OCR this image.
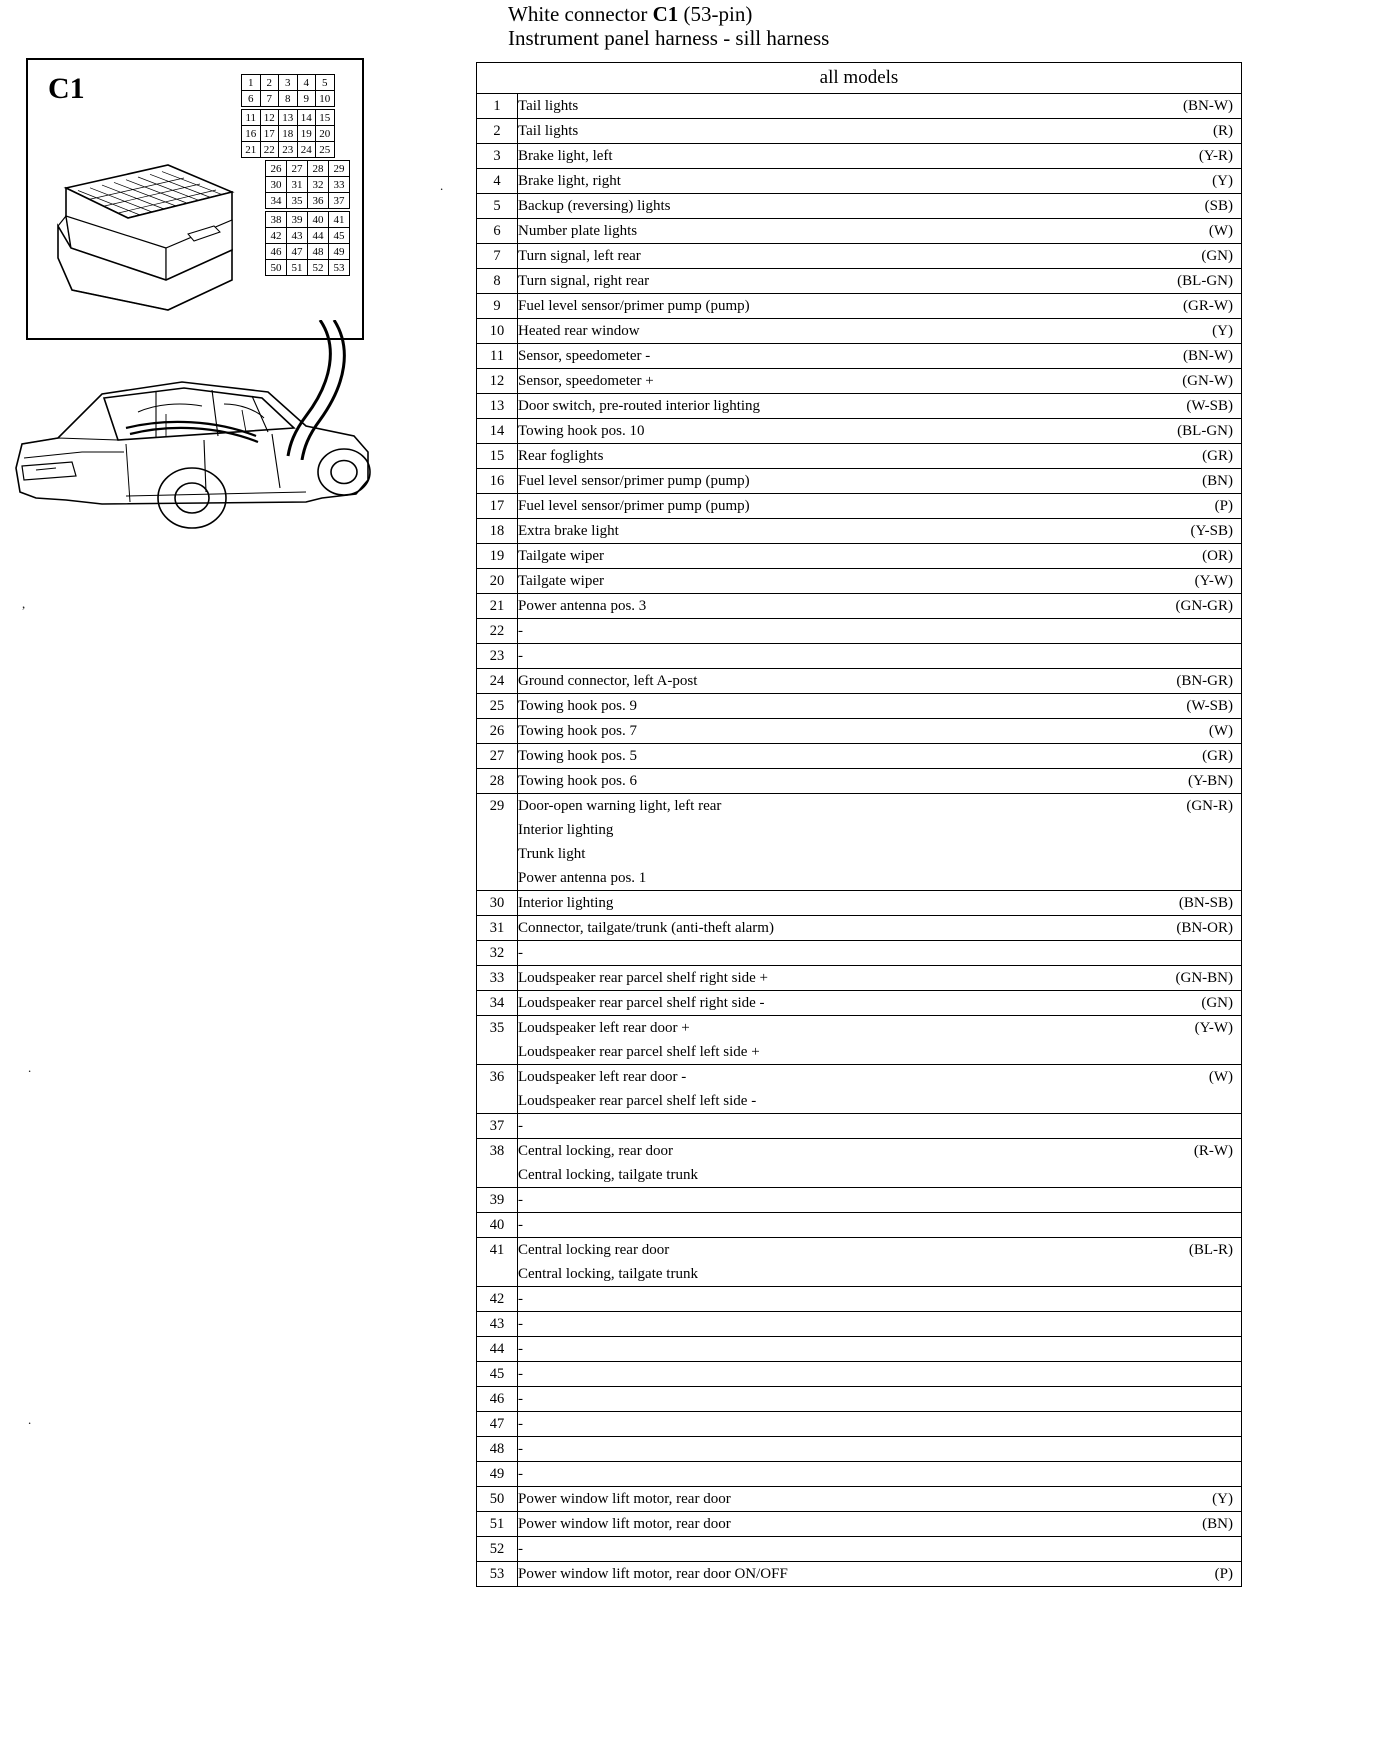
White connector C1 (53-pin)
Instrument panel harness - sill harness
C1	1	2	3	4	5
6	7	8	9 10
11 12 13 14 15
16 17 18 19 20
21 22 23 24 25
26 27 28 29
30 31 32 33
34 35 36 37
38 39 40 41
42 43 44 45
46 47 48 49
50 51 52 53
,
.
.
.
all models	
1	Tail lights (BN-W)

2	Tail lights (R)

3	Brake light, left (Y-R)

4	Brake light, right (Y)

5	Backup (reversing) lights (SB)

6	Number plate lights (W)

7	Turn signal, left rear (GN)

8	Turn signal, right rear (BL-GN)

9	Fuel level sensor/primer pump (pump) (GR-W)

10	Heated rear window (Y)

11	Sensor, speedometer - (BN-W)

12	Sensor, speedometer + (GN-W)

13	Door switch, pre-routed interior lighting (W-SB)

14	Towing hook pos. 10 (BL-GN)

15	Rear foglights (GR)

16	Fuel level sensor/primer pump (pump) (BN)

17	Fuel level sensor/primer pump (pump) (P)

18	Extra brake light (Y-SB)

19	Tailgate wiper (OR)

20	Tailgate wiper (Y-W)

21	Power antenna pos. 3 (GN-GR)

22	-
23	-
24	Ground connector, left A-post (BN-GR)

25	Towing hook pos. 9 (W-SB)

26	Towing hook pos. 7 (W)

27	Towing hook pos. 5 (GR)

28	Towing hook pos. 6 (Y-BN)

29	Door-open warning light, left rear
Interior lighting
Trunk light
Power antenna pos. 1
(GN-R)

30	Interior lighting (BN-SB)

31	Connector, tailgate/trunk (anti-theft alarm) (BN-OR)

32	-
33	Loudspeaker rear parcel shelf right side + (GN-BN)

34	Loudspeaker rear parcel shelf right side - (GN)

35	Loudspeaker left rear door +
Loudspeaker rear parcel shelf left side +
(Y-W)

36	Loudspeaker left rear door -
Loudspeaker rear parcel shelf left side -
(W)

37	-
38	Central locking, rear door
Central locking, tailgate trunk
(R-W)

39	-
40	-
41	Central locking rear door
Central locking, tailgate trunk
(BL-R)

42	-
43	-
44	-
45	-
46	-
47	-
48	-
49	-
50	Power window lift motor, rear door (Y)

51	Power window lift motor, rear door (BN)

52	-
53	Power window lift motor, rear door ON/OFF (P)
